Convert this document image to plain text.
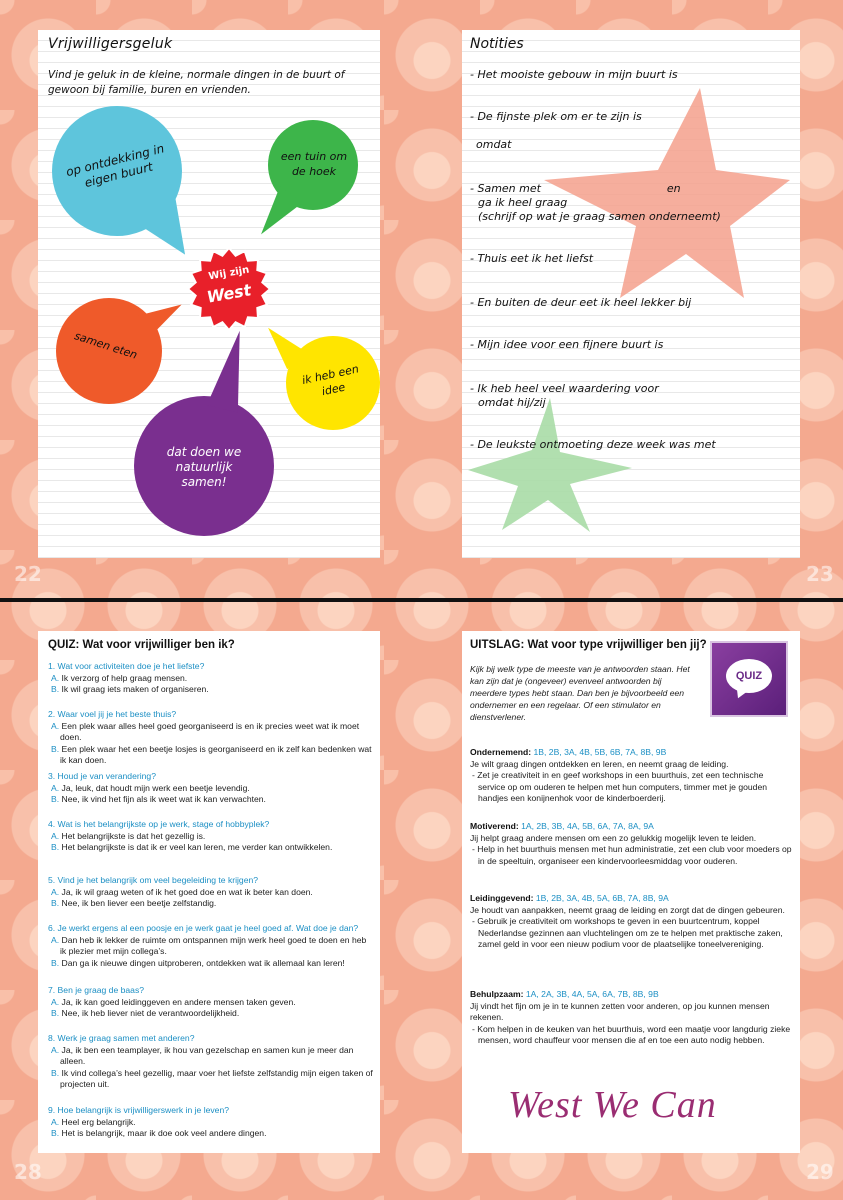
Vrijwilligersgeluk
Vind je geluk in de kleine, normale dingen in de buurt of gewoon bij familie, buren en vrienden.
op ontdekking in eigen buurt
een tuin om de hoek
samen eten
ik heb een idee
dat doen we natuurlijk samen!
Wij zijn
West
22
Notities
- Het mooiste gebouw in mijn buurt is
- De fijnste plek om er te zijn is
omdat
- Samen met                                    en
ga ik heel graag
(schrijf op wat je graag samen onderneemt)
- Thuis eet ik het liefst
- En buiten de deur eet ik heel lekker bij
- Mijn idee voor een fijnere buurt is
- Ik heb heel veel waardering voor
omdat hij/zij
- De leukste ontmoeting deze week was met
23
QUIZ: Wat voor vrijwilliger ben ik?
1. Wat voor activiteiten doe je het liefste?
A. Ik verzorg of help graag mensen.
B. Ik wil graag iets maken of organiseren.
2. Waar voel jij je het beste thuis?
A. Een plek waar alles heel goed georganiseerd is en ik precies weet wat ik moet doen.
B. Een plek waar het een beetje losjes is georganiseerd en ik zelf kan bedenken wat ik kan doen.
3. Houd je van verandering?
A. Ja, leuk, dat houdt mijn werk een beetje levendig.
B. Nee, ik vind het fijn als ik weet wat ik kan verwachten.
4. Wat is het belangrijkste op je werk, stage of hobbyplek?
A. Het belangrijkste is dat het gezellig is.
B. Het belangrijkste is dat ik er veel kan leren, me verder kan ontwikkelen.
5. Vind je het belangrijk om veel begeleiding te krijgen?
A. Ja, ik wil graag weten of ik het goed doe en wat ik beter kan doen.
B. Nee, ik ben liever een beetje zelfstandig.
6. Je werkt ergens al een poosje en je werk gaat je heel goed af. Wat doe je dan?
A. Dan heb ik lekker de ruimte om ontspannen mijn werk heel goed te doen en heb ik plezier met mijn collega’s.
B. Dan ga ik nieuwe dingen uitproberen, ontdekken wat ik allemaal kan leren!
7. Ben je graag de baas?
A. Ja, ik kan goed leidinggeven en andere mensen taken geven.
B. Nee, ik heb liever niet de verantwoordelijkheid.
8. Werk je graag samen met anderen?
A. Ja, ik ben een teamplayer, ik hou van gezelschap en samen kun je meer dan alleen.
B. Ik vind collega’s heel gezellig, maar voer het liefste zelfstandig mijn eigen taken of projecten uit.
9. Hoe belangrijk is vrijwilligerswerk in je leven?
A. Heel erg belangrijk.
B. Het is belangrijk, maar ik doe ook veel andere dingen.
28
UITSLAG: Wat voor type vrijwilliger ben jij?
Kijk bij welk type de meeste van je antwoorden staan. Het kan zijn dat je (ongeveer) evenveel antwoorden bij meerdere types hebt staan. Dan ben je bijvoorbeeld een ondernemer en een regelaar. Of een stimulator en dienstverlener.
QUIZ
Ondernemend: 1B, 2B, 3A, 4B, 5B, 6B, 7A, 8B, 9B
Je wilt graag dingen ontdekken en leren, en neemt graag de leiding.
- Zet je creativiteit in en geef workshops in een buurthuis, zet een technische service op om ouderen te helpen met hun computers, timmer met je gouden handjes een konijnenhok voor de kinderboerderij.
Motiverend: 1A, 2B, 3B, 4A, 5B, 6A, 7A, 8A, 9A
Jij helpt graag andere mensen om een zo gelukkig mogelijk leven te leiden.
- Help in het buurthuis mensen met hun administratie, zet een club voor moeders op in de speeltuin, organiseer een kindervoorleesmiddag voor ouderen.
Leidinggevend: 1B, 2B, 3A, 4B, 5A, 6B, 7A, 8B, 9A
Je houdt van aanpakken, neemt graag de leiding en zorgt dat de dingen gebeuren.
- Gebruik je creativiteit om workshops te geven in een buurtcentrum, koppel Nederlandse gezinnen aan vluchtelingen om ze te helpen met praktische zaken, zamel geld in voor een nieuw podium voor de plaatselijke toneelvereniging.
Behulpzaam: 1A, 2A, 3B, 4A, 5A, 6A, 7B, 8B, 9B
Jij vindt het fijn om je in te kunnen zetten voor anderen, op jou kunnen mensen rekenen.
- Kom helpen in de keuken van het buurthuis, word een maatje voor langdurig zieke mensen, word chauffeur voor mensen die af en toe een auto nodig hebben.
West We Can
29
